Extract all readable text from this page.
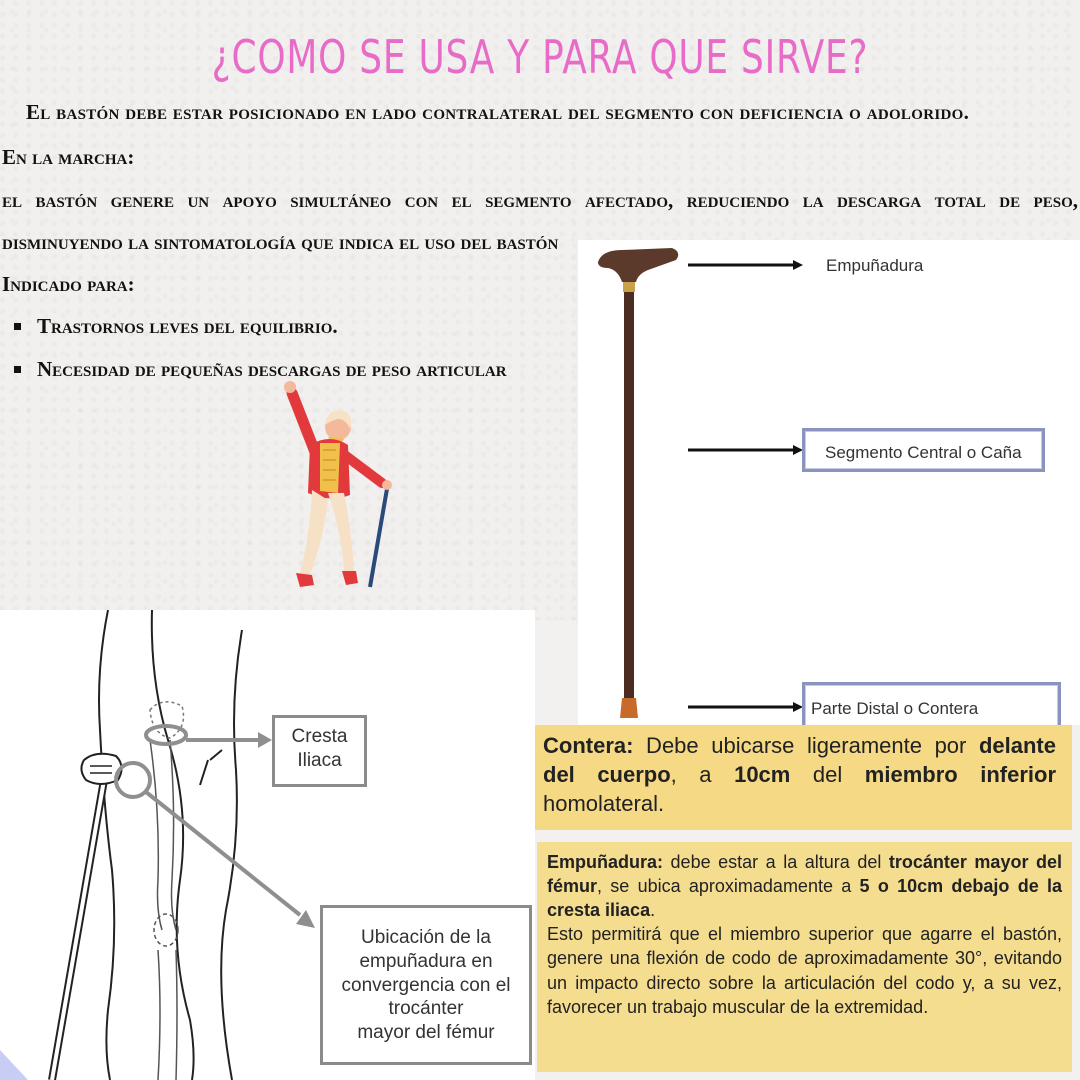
¿COMO SE USA Y PARA QUE SIRVE?
El bastón debe estar posicionado en lado contralateral del segmento con deficiencia o adolorido.
En la marcha:
el bastón genere un apoyo simultáneo con el segmento afectado, reduciendo la descarga total de peso,
disminuyendo la sintomatología que indica el uso del bastón
Indicado para:
Trastornos leves del equilibrio.
Necesidad de pequeñas descargas de peso articular
Empuñadura
Segmento Central o Caña
Parte Distal o Contera
Cresta
Iliaca
Ubicación de la
empuñadura en
convergencia con el
trocánter
mayor del fémur
Contera: Debe ubicarse ligeramente por delante del cuerpo, a 10cm del miembro inferior homolateral.
Empuñadura: debe estar a la altura del trocánter mayor del fémur, se ubica aproximadamente a 5 o 10cm debajo de la cresta iliaca.
Esto permitirá que el miembro superior que agarre el bastón, genere una flexión de codo de aproximadamente 30°, evitando un impacto directo sobre la articulación del codo y, a su vez, favorecer un trabajo muscular de la extremidad.
